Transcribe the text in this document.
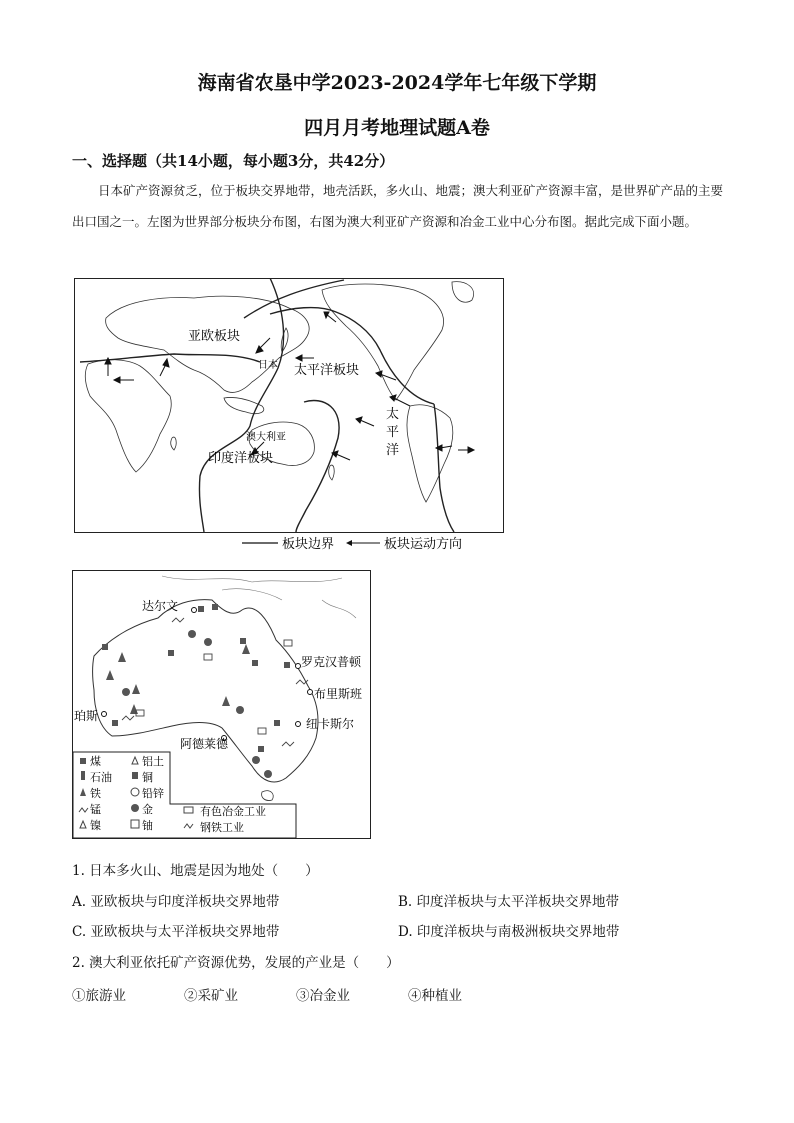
海南省农垦中学2023-2024学年七年级下学期
四月月考地理试题A卷
一、选择题（共14小题，每小题3分，共42分）
日本矿产资源贫乏，位于板块交界地带，地壳活跃，多火山、地震；澳大利亚矿产资源丰富，是世界矿产品的主要出口国之一。左图为世界部分板块分布图，右图为澳大利亚矿产资源和冶金工业中心分布图。据此完成下面小题。
亚欧板块
太平洋板块
日本
澳大利亚
印度洋板块
太
平
洋
板块边界	板块运动方向
达尔文
罗克汉普顿
布里斯班
珀斯
纽卡斯尔
阿德莱德
煤	铝土
石油	铜
铁	铅锌
锰	金
镍	铀
有色冶金工业
钢铁工业
1. 日本多火山、地震是因为地处（　　）
A. 亚欧板块与印度洋板块交界地带	B. 印度洋板块与太平洋板块交界地带
C. 亚欧板块与太平洋板块交界地带	D. 印度洋板块与南极洲板块交界地带
2. 澳大利亚依托矿产资源优势，发展的产业是（　　）
①旅游业	②采矿业	③冶金业	④种植业
